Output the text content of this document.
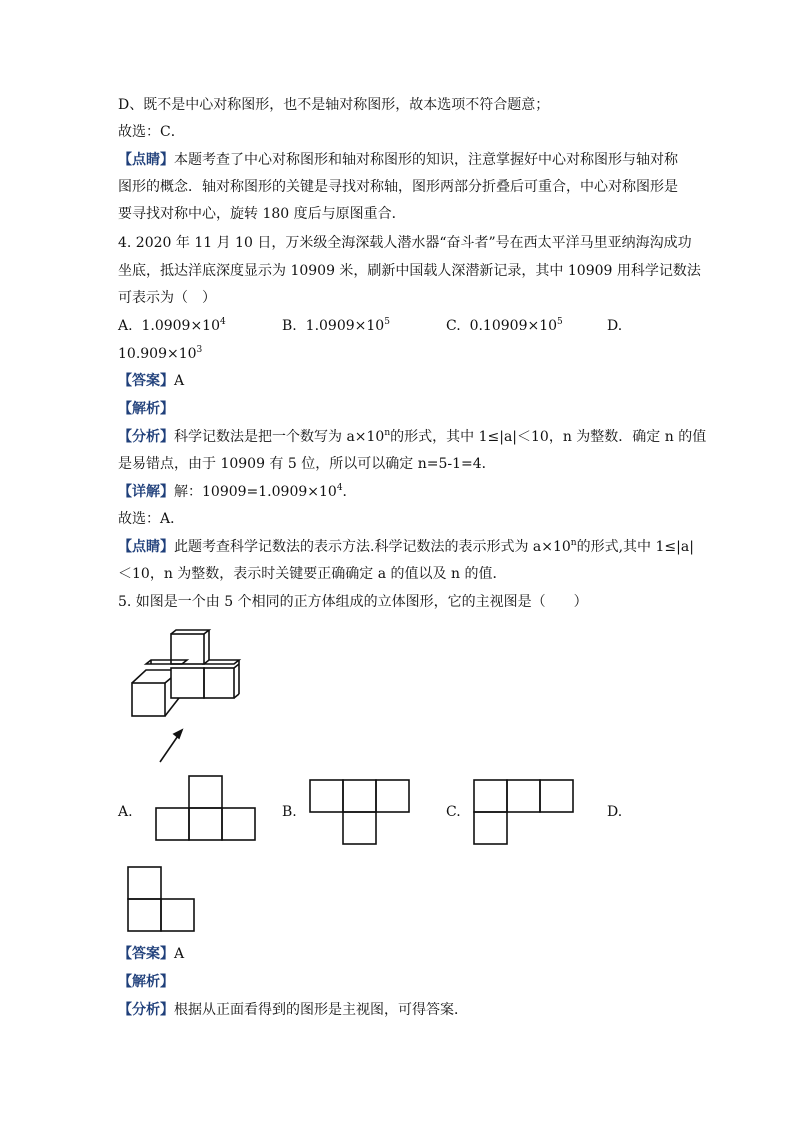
D、既不是中心对称图形，也不是轴对称图形，故本选项不符合题意；
故选：C．
【点睛】本题考查了中心对称图形和轴对称图形的知识，注意掌握好中心对称图形与轴对称
图形的概念．轴对称图形的关键是寻找对称轴，图形两部分折叠后可重合，中心对称图形是
要寻找对称中心，旋转 180 度后与原图重合．
4. 2020 年 11 月 10 日，万米级全海深载人潜水器“奋斗者”号在西太平洋马里亚纳海沟成功
坐底，抵达洋底深度显示为 10909 米，刷新中国载人深潜新记录，其中 10909 用科学记数法
可表示为（　）
A. $1.0909\times 10^4$	B. $1.0909\times 10^5$	C. $0.10909\times 10^5$	D.
$10.909\times 10^3$
【答案】A
【解析】
【分析】科学记数法是把一个数写为 $a\times 10^n$的形式，其中 1≤|a|＜10，n 为整数．确定 n 的值
是易错点，由于 10909 有 5 位，所以可以确定 n=5-1=4．
【详解】解：$10909=1.0909\times 10^4$．
故选：A．
【点睛】此题考查科学记数法的表示方法.科学记数法的表示形式为 $a\times 10^n$的形式,其中 1≤|a|
＜10，n 为整数，表示时关键要正确确定 a 的值以及 n 的值．
5. 如图是一个由 5 个相同的正方体组成的立体图形，它的主视图是（　　）
A.	B.	C.	D.
【答案】A
【解析】
【分析】根据从正面看得到的图形是主视图，可得答案．
